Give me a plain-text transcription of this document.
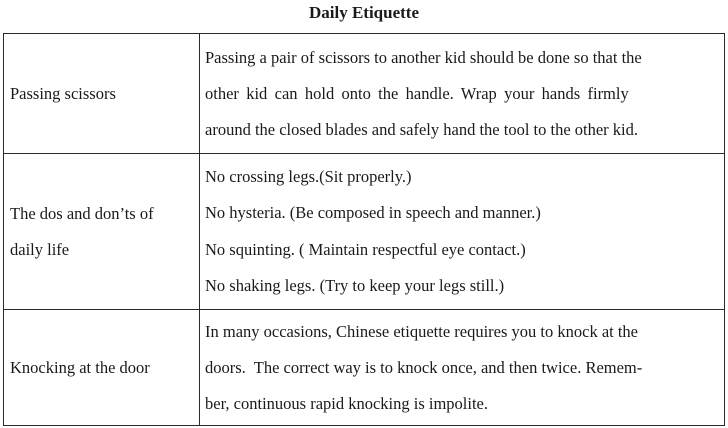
Daily Etiquette
Passing scissors	Passing a pair of scissors to another kid should be done so that the
other kid can hold onto the handle. Wrap your hands firmly
around the closed blades and safely hand the tool to the other kid.

The dos and don’ts of
daily life	No crossing legs.(Sit properly.)
No hysteria. (Be composed in speech and manner.)
No squinting. ( Maintain respectful eye contact.)
No shaking legs. (Try to keep your legs still.)

Knocking at the door	In many occasions, Chinese etiquette requires you to knock at the
doors.  The correct way is to knock once, and then twice. Remem-
ber, continuous rapid knocking is impolite.
